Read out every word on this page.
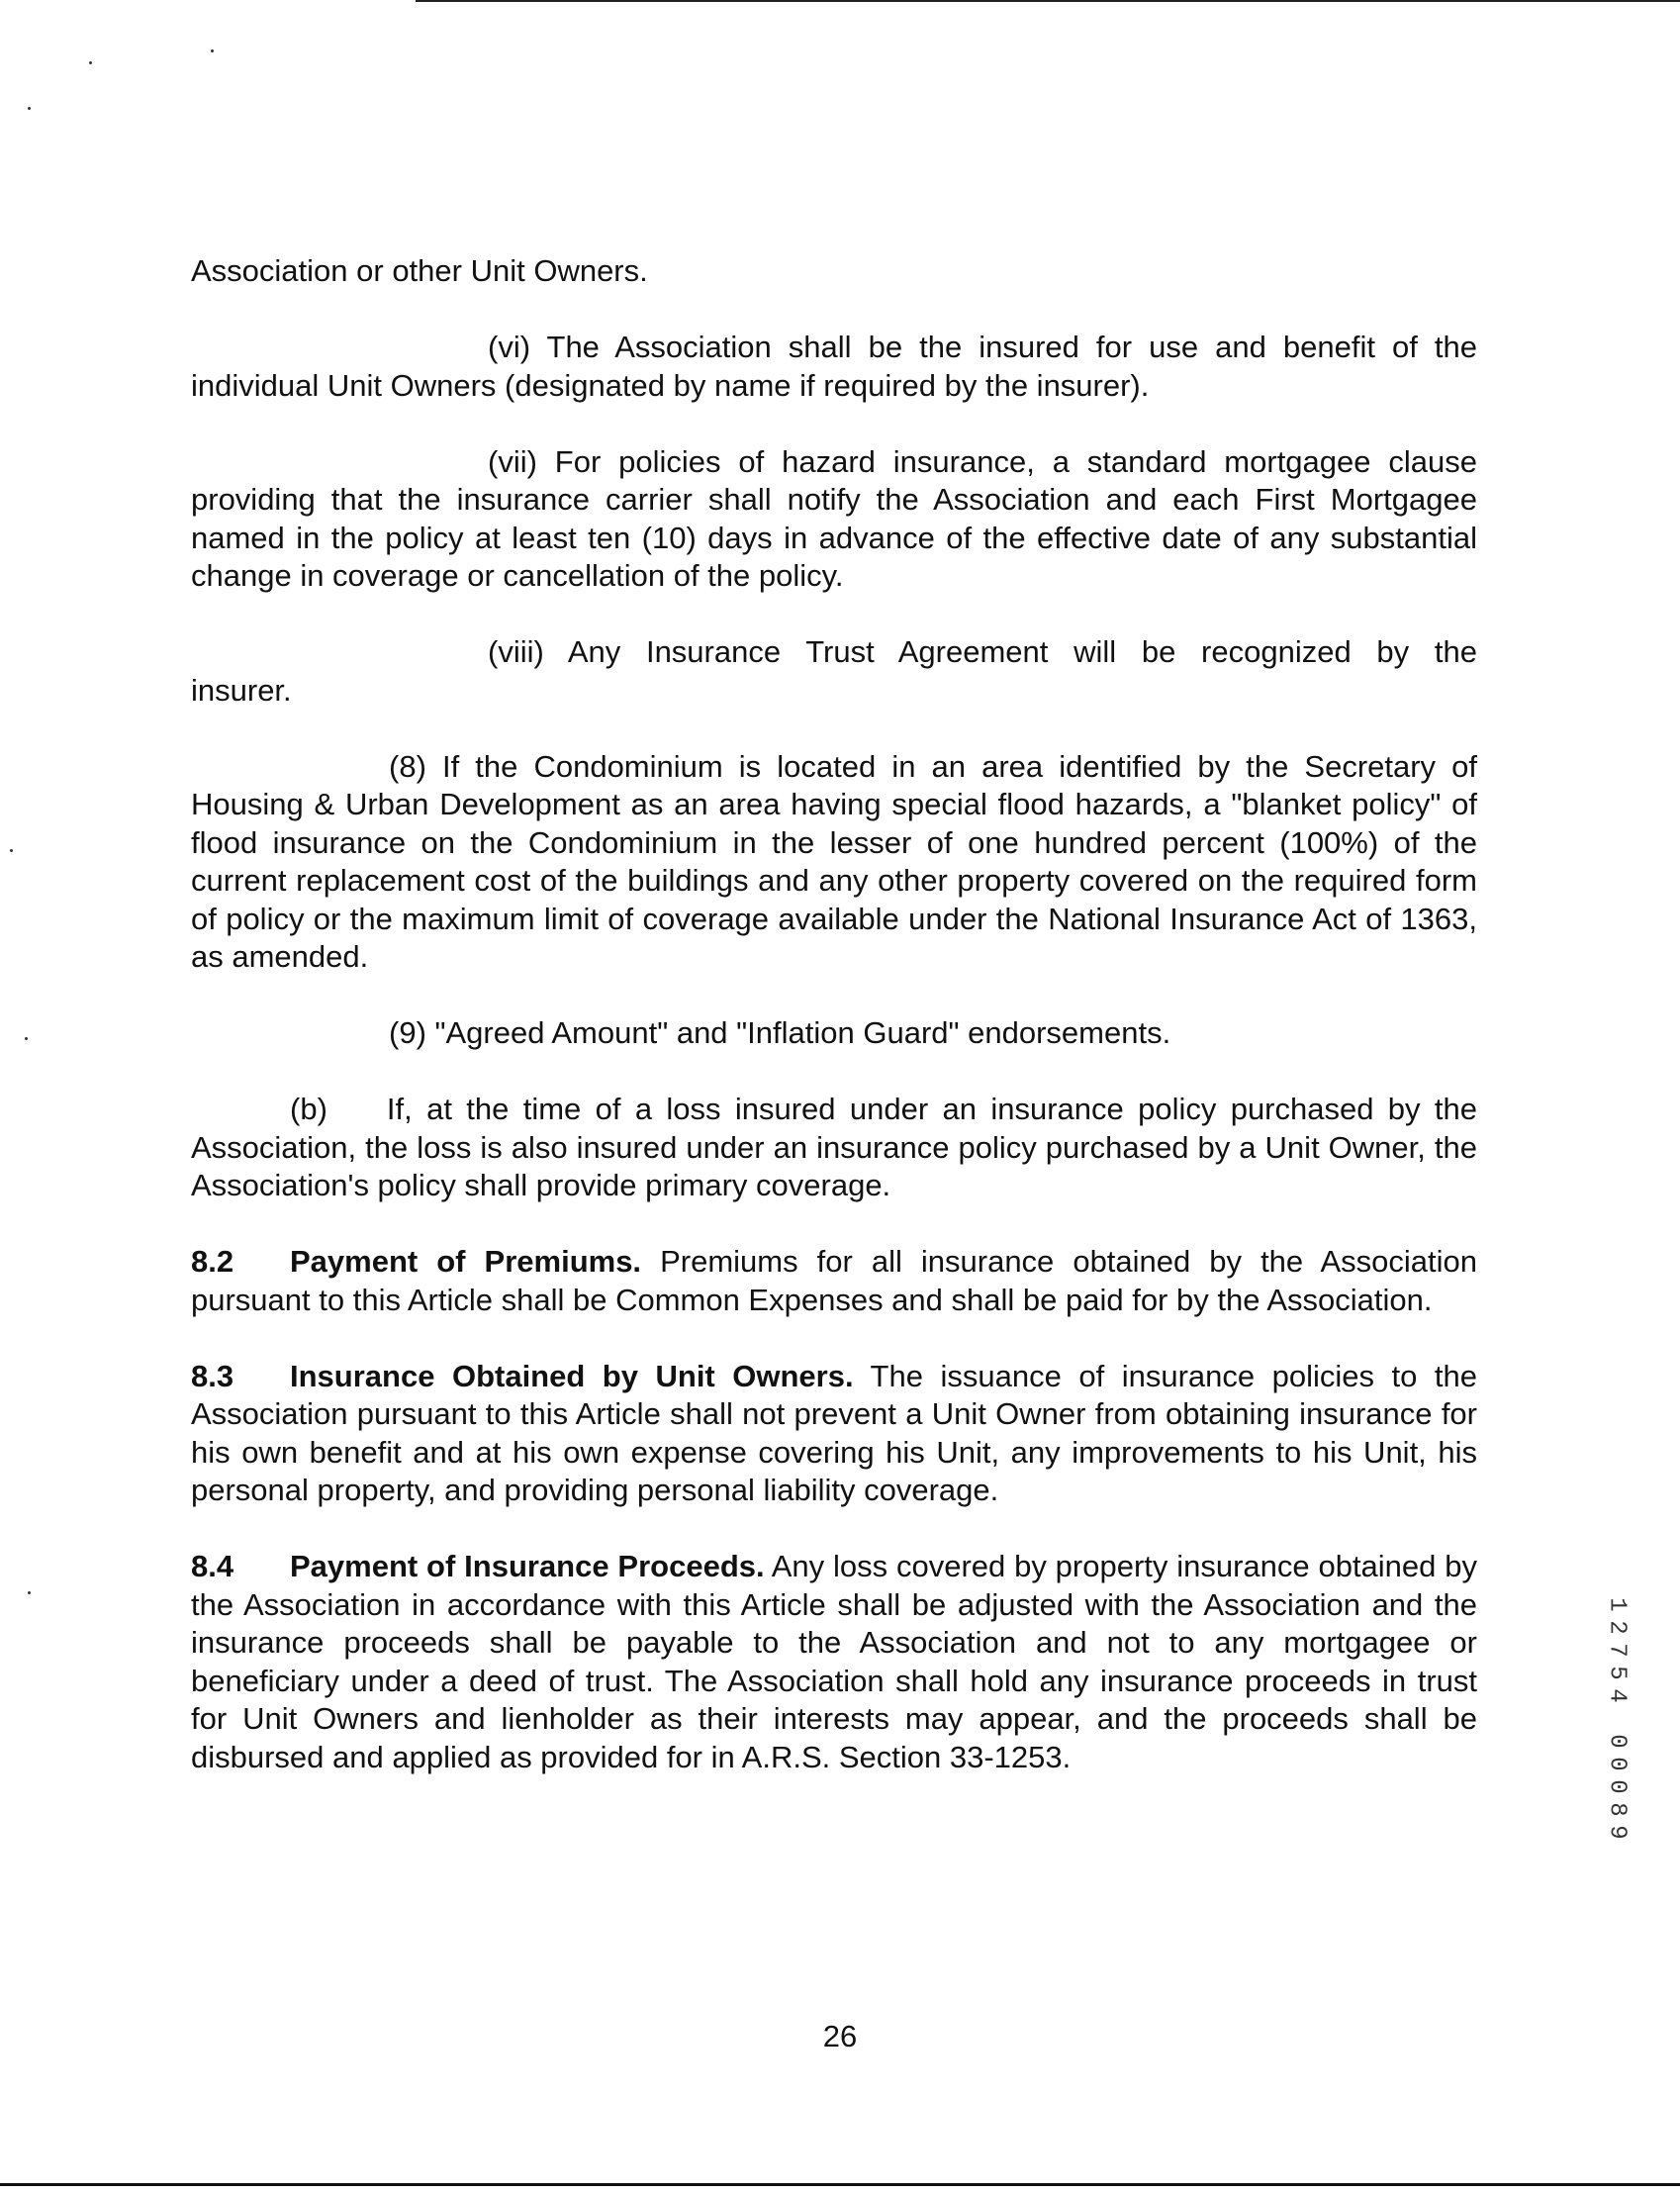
Association or other Unit Owners.

(vi) The Association shall be the insured for use and benefit of the individual Unit Owners (designated by name if required by the insurer).

(vii) For policies of hazard insurance, a standard mortgagee clause providing that the insurance carrier shall notify the Association and each First Mortgagee named in the policy at least ten (10) days in advance of the effective date of any substantial change in coverage or cancellation of the policy.

(viii) Any Insurance Trust Agreement will be recognized by the
insurer.

(8) If the Condominium is located in an area identified by the Secretary of Housing & Urban Development as an area having special flood hazards, a "blanket policy" of flood insurance on the Condominium in the lesser of one hundred percent (100%) of the current replacement cost of the buildings and any other property covered on the required form of policy or the maximum limit of coverage available under the National Insurance Act of 1363, as amended.

(9) "Agreed Amount" and "Inflation Guard" endorsements.

(b) If, at the time of a loss insured under an insurance policy purchased by the Association, the loss is also insured under an insurance policy purchased by a Unit Owner, the Association's policy shall provide primary coverage.

8.2 Payment of Premiums. Premiums for all insurance obtained by the Association pursuant to this Article shall be Common Expenses and shall be paid for by the Association.

8.3 Insurance Obtained by Unit Owners. The issuance of insurance policies to the Association pursuant to this Article shall not prevent a Unit Owner from obtaining insurance for his own benefit and at his own expense covering his Unit, any improvements to his Unit, his personal property, and providing personal liability coverage.

8.4 Payment of Insurance Proceeds. Any loss covered by property insurance obtained by the Association in accordance with this Article shall be adjusted with the Association and the insurance proceeds shall be payable to the Association and not to any mortgagee or beneficiary under a deed of trust. The Association shall hold any insurance proceeds in trust for Unit Owners and lienholder as their interests may appear, and the proceeds shall be disbursed and applied as provided for in A.R.S. Section 33-1253.

26
1
2
7
5
4

0
0
0
8
9
